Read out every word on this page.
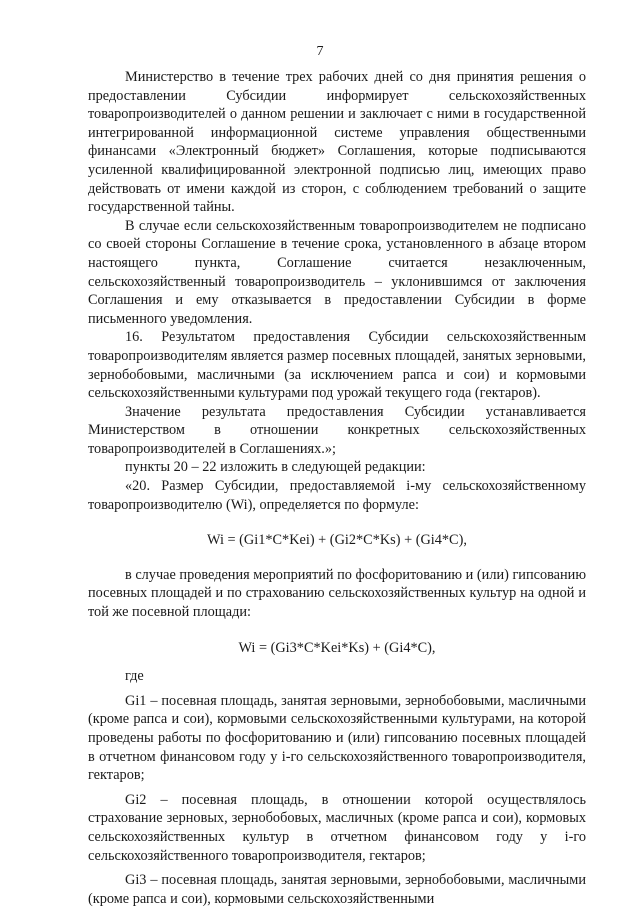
7

Министерство в течение трех рабочих дней со дня принятия решения о предоставлении Субсидии информирует сельскохозяйственных товаропроизводителей о данном решении и заключает с ними в государственной интегрированной информационной системе управления общественными финансами «Электронный бюджет» Соглашения, которые подписываются усиленной квалифицированной электронной подписью лиц, имеющих право действовать от имени каждой из сторон, с соблюдением требований о защите государственной тайны.

В случае если сельскохозяйственным товаропроизводителем не подписано со своей стороны Соглашение в течение срока, установленного в абзаце втором настоящего пункта, Соглашение считается незаключенным, сельскохозяйственный товаропроизводитель – уклонившимся от заключения Соглашения и ему отказывается в предоставлении Субсидии в форме письменного уведомления.

16. Результатом предоставления Субсидии сельскохозяйственным товаропроизводителям является размер посевных площадей, занятых зерновыми, зернобобовыми, масличными (за исключением рапса и сои) и кормовыми сельскохозяйственными культурами под урожай текущего года (гектаров).

Значение результата предоставления Субсидии устанавливается Министерством в отношении конкретных сельскохозяйственных товаропроизводителей в Соглашениях.»;

пункты 20 – 22 изложить в следующей редакции:

«20. Размер Субсидии, предоставляемой i-му сельскохозяйственному товаропроизводителю (Wi), определяется по формуле:

Wi = (Gi1*C*Kei) + (Gi2*C*Ks) + (Gi4*C),

в случае проведения мероприятий по фосфоритованию и (или) гипсованию посевных площадей и по страхованию сельскохозяйственных культур на одной и той же посевной площади:

Wi = (Gi3*C*Kei*Ks) + (Gi4*C),

где

Gi1 – посевная площадь, занятая зерновыми, зернобобовыми, масличными (кроме рапса и сои), кормовыми сельскохозяйственными культурами, на которой проведены работы по фосфоритованию и (или) гипсованию посевных площадей в отчетном финансовом году у i-го сельскохозяйственного товаропроизводителя, гектаров;

Gi2 – посевная площадь, в отношении которой осуществлялось страхование зерновых, зернобобовых, масличных (кроме рапса и сои), кормовых сельскохозяйственных культур в отчетном финансовом году у i-го сельскохозяйственного товаропроизводителя, гектаров;

Gi3 – посевная площадь, занятая зерновыми, зернобобовыми, масличными (кроме рапса и сои), кормовыми сельскохозяйственными
